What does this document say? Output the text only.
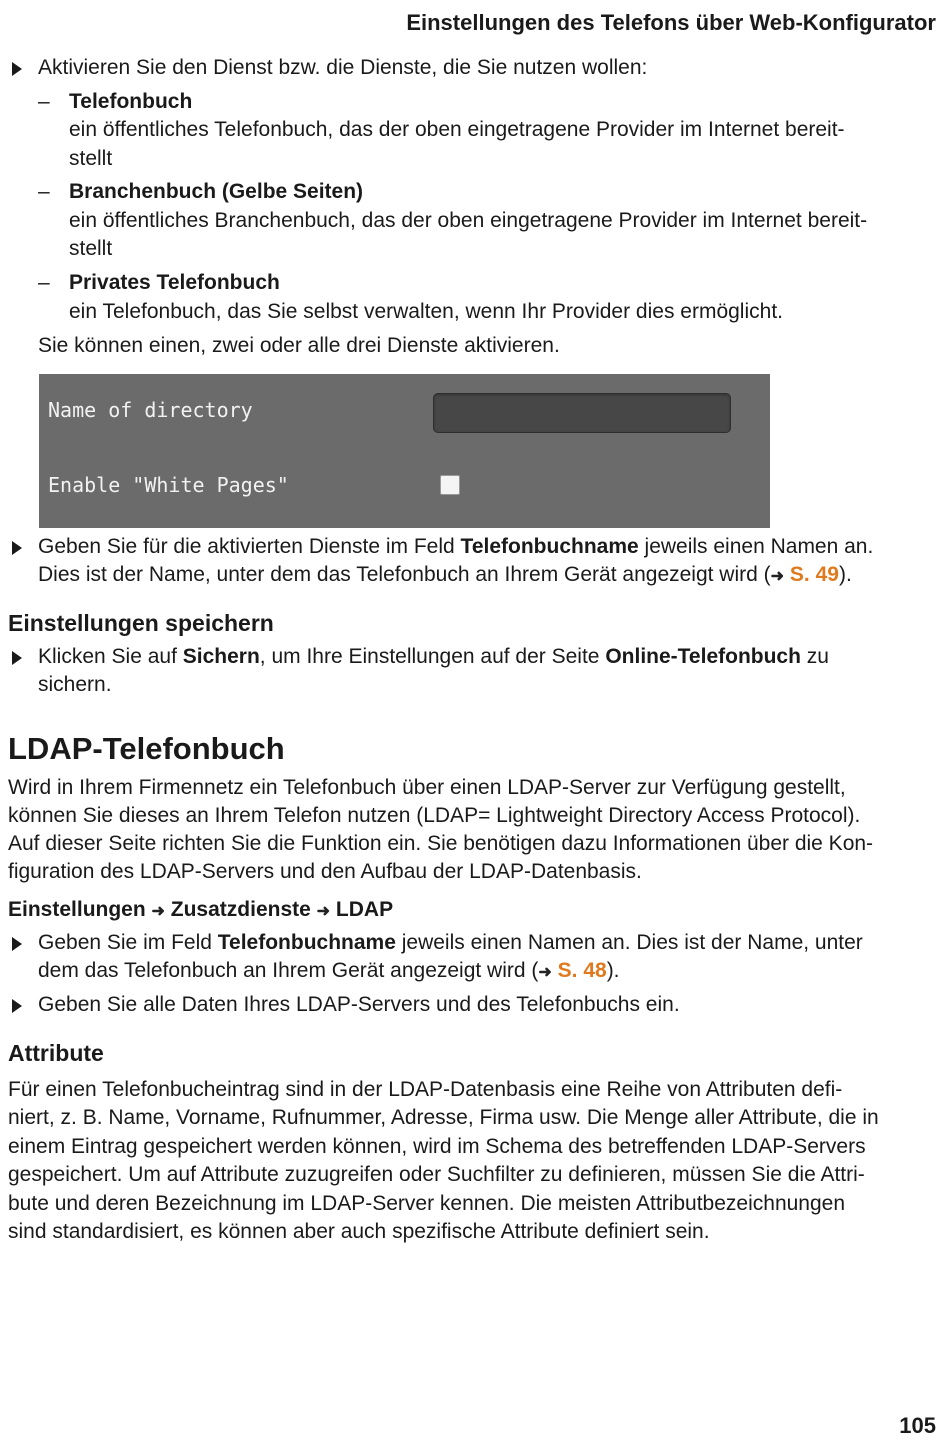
Einstellungen des Telefons über Web-Konfigurator
Aktivieren Sie den Dienst bzw. die Dienste, die Sie nutzen wollen:
– Telefonbuch
ein öffentliches Telefonbuch, das der oben eingetragene Provider im Internet bereit-
stellt
– Branchenbuch (Gelbe Seiten)
ein öffentliches Branchenbuch, das der oben eingetragene Provider im Internet bereit-
stellt
– Privates Telefonbuch
ein Telefonbuch, das Sie selbst verwalten, wenn Ihr Provider dies ermöglicht.
Sie können einen, zwei oder alle drei Dienste aktivieren.
Name of directory
Enable "White Pages"
Geben Sie für die aktivierten Dienste im Feld Telefonbuchname jeweils einen Namen an.
Dies ist der Name, unter dem das Telefonbuch an Ihrem Gerät angezeigt wird (➜ S. 49).
Einstellungen speichern
Klicken Sie auf Sichern, um Ihre Einstellungen auf der Seite Online-Telefonbuch zu
sichern.
LDAP-Telefonbuch
Wird in Ihrem Firmennetz ein Telefonbuch über einen LDAP-Server zur Verfügung gestellt,
können Sie dieses an Ihrem Telefon nutzen (LDAP= Lightweight Directory Access Protocol).
Auf dieser Seite richten Sie die Funktion ein. Sie benötigen dazu Informationen über die Kon-
figuration des LDAP-Servers und den Aufbau der LDAP-Datenbasis.
Einstellungen ➜ Zusatzdienste ➜ LDAP
Geben Sie im Feld Telefonbuchname jeweils einen Namen an. Dies ist der Name, unter
dem das Telefonbuch an Ihrem Gerät angezeigt wird (➜ S. 48).
Geben Sie alle Daten Ihres LDAP-Servers und des Telefonbuchs ein.
Attribute
Für einen Telefonbucheintrag sind in der LDAP-Datenbasis eine Reihe von Attributen defi-
niert, z. B. Name, Vorname, Rufnummer, Adresse, Firma usw. Die Menge aller Attribute, die in
einem Eintrag gespeichert werden können, wird im Schema des betreffenden LDAP-Servers
gespeichert. Um auf Attribute zuzugreifen oder Suchfilter zu definieren, müssen Sie die Attri-
bute und deren Bezeichnung im LDAP-Server kennen. Die meisten Attributbezeichnungen
sind standardisiert, es können aber auch spezifische Attribute definiert sein.
105
